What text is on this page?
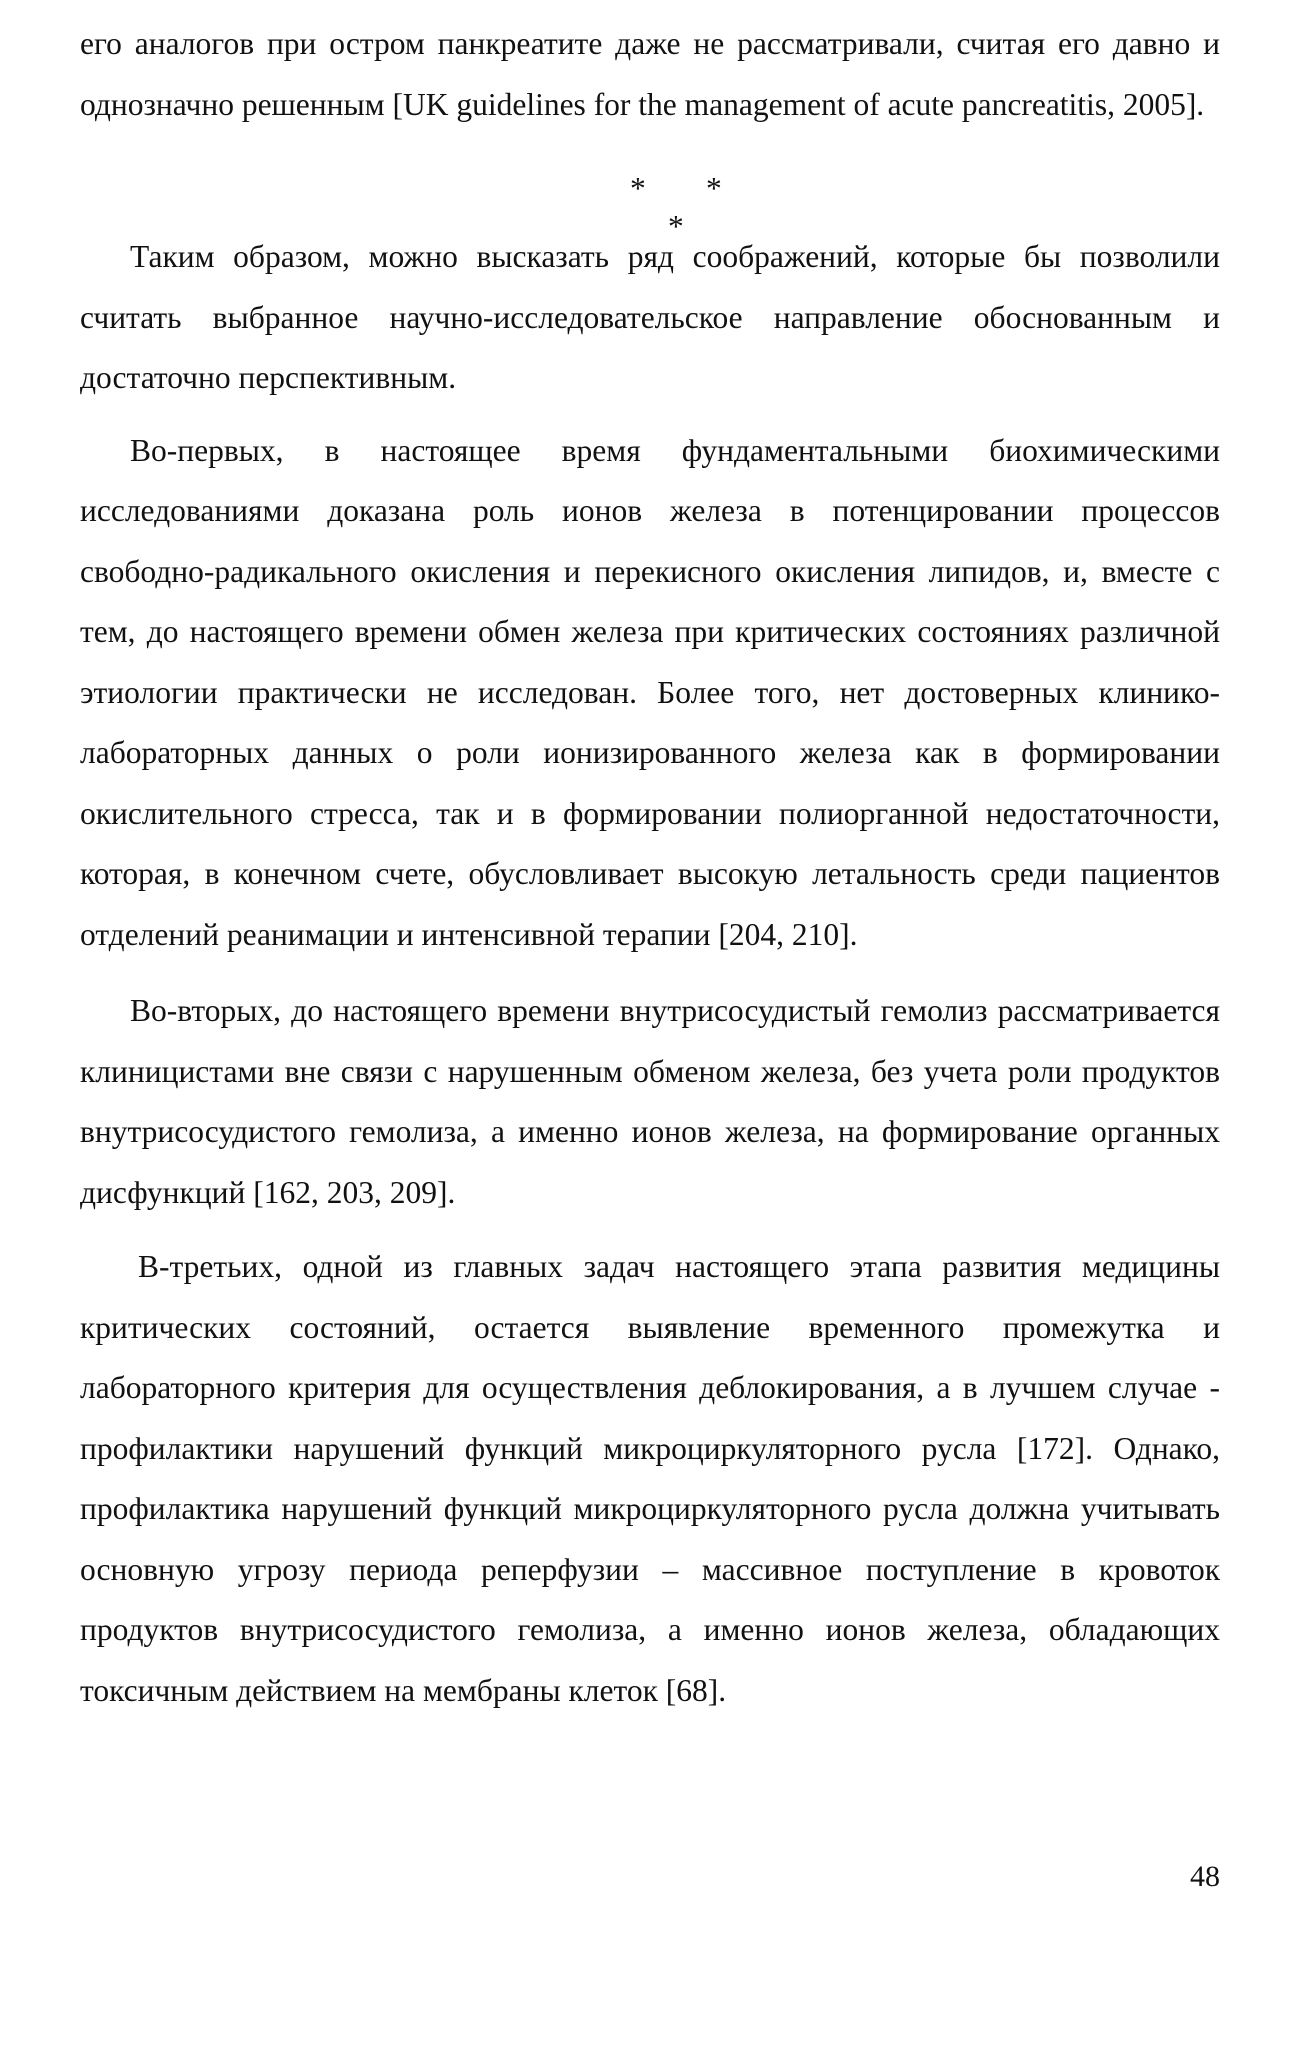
его аналогов при остром панкреатите даже не рассматривали, считая его давно и однозначно решенным [UK guidelines for the management of acute pancreatitis, 2005].

* *
*

Таким образом, можно высказать ряд соображений, которые бы позволили считать выбранное научно-исследовательское направление обоснованным и достаточно перспективным.

Во-первых, в настоящее время фундаментальными биохимическими исследованиями доказана роль ионов железа в потенцировании процессов свободно-радикального окисления и перекисного окисления липидов, и, вместе с тем, до настоящего времени обмен железа при критических состояниях различной этиологии практически не исследован. Более того, нет достоверных клинико-лабораторных данных о роли ионизированного железа как в формировании окислительного стресса, так и в формировании полиорганной недостаточности, которая, в конечном счете, обусловливает высокую летальность среди пациентов отделений реанимации и интенсивной терапии [204, 210].

Во-вторых, до настоящего времени внутрисосудистый гемолиз рассматривается клиницистами вне связи с нарушенным обменом железа, без учета роли продуктов внутрисосудистого гемолиза, а именно ионов железа, на формирование органных дисфункций [162, 203, 209].

В-третьих, одной из главных задач настоящего этапа развития медицины критических состояний, остается выявление временного промежутка и лабораторного критерия для осуществления деблокирования, а в лучшем случае - профилактики нарушений функций микроциркуляторного русла [172]. Однако, профилактика нарушений функций микроциркуляторного русла должна учитывать основную угрозу периода реперфузии – массивное поступление в кровоток продуктов внутрисосудистого гемолиза, а именно ионов железа, обладающих токсичным действием на мембраны клеток [68].

48
